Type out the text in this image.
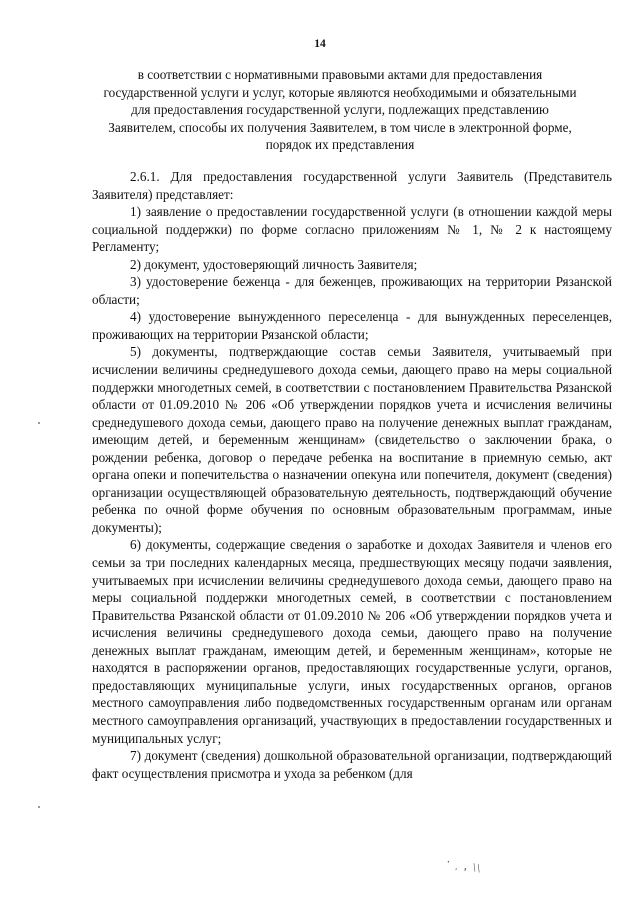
14
в соответствии с нормативными правовыми актами для предоставления государственной услуги и услуг, которые являются необходимыми и обязательными для предоставления государственной услуги, подлежащих представлению Заявителем, способы их получения Заявителем, в том числе в электронной форме, порядок их представления

2.6.1. Для предоставления государственной услуги Заявитель (Представитель Заявителя) представляет:

1) заявление о предоставлении государственной услуги (в отношении каждой меры социальной поддержки) по форме согласно приложениям № 1, № 2 к настоящему Регламенту;

2) документ, удостоверяющий личность Заявителя;

3) удостоверение беженца - для беженцев, проживающих на территории Рязанской области;

4) удостоверение вынужденного переселенца - для вынужденных переселенцев, проживающих на территории Рязанской области;

5) документы, подтверждающие состав семьи Заявителя, учитываемый при исчислении величины среднедушевого дохода семьи, дающего право на меры социальной поддержки многодетных семей, в соответствии с постановлением Правительства Рязанской области от 01.09.2010 № 206 «Об утверждении порядков учета и исчисления величины среднедушевого дохода семьи, дающего право на получение денежных выплат гражданам, имеющим детей, и беременным женщинам» (свидетельство о заключении брака, о рождении ребенка, договор о передаче ребенка на воспитание в приемную семью, акт органа опеки и попечительства о назначении опекуна или попечителя, документ (сведения) организации осуществляющей образовательную деятельность, подтверждающий обучение ребенка по очной форме обучения по основным образовательным программам, иные документы);

6) документы, содержащие сведения о заработке и доходах Заявителя и членов его семьи за три последних календарных месяца, предшествующих месяцу подачи заявления, учитываемых при исчислении величины среднедушевого дохода семьи, дающего право на меры социальной поддержки многодетных семей, в соответствии с постановлением Правительства Рязанской области от 01.09.2010 № 206 «Об утверждении порядков учета и исчисления величины среднедушевого дохода семьи, дающего право на получение денежных выплат гражданам, имеющим детей, и беременным женщинам», которые не находятся в распоряжении органов, предоставляющих государственные услуги, органов, предоставляющих муниципальные услуги, иных государственных органов, органов местного самоуправления либо подведомственных государственным органам или органам местного самоуправления организаций, участвующих в предоставлении государственных и муниципальных услуг;

7) документ (сведения) дошкольной образовательной организации, подтверждающий факт осуществления присмотра и ухода за ребенком (для

· ˌ ‚ \\
